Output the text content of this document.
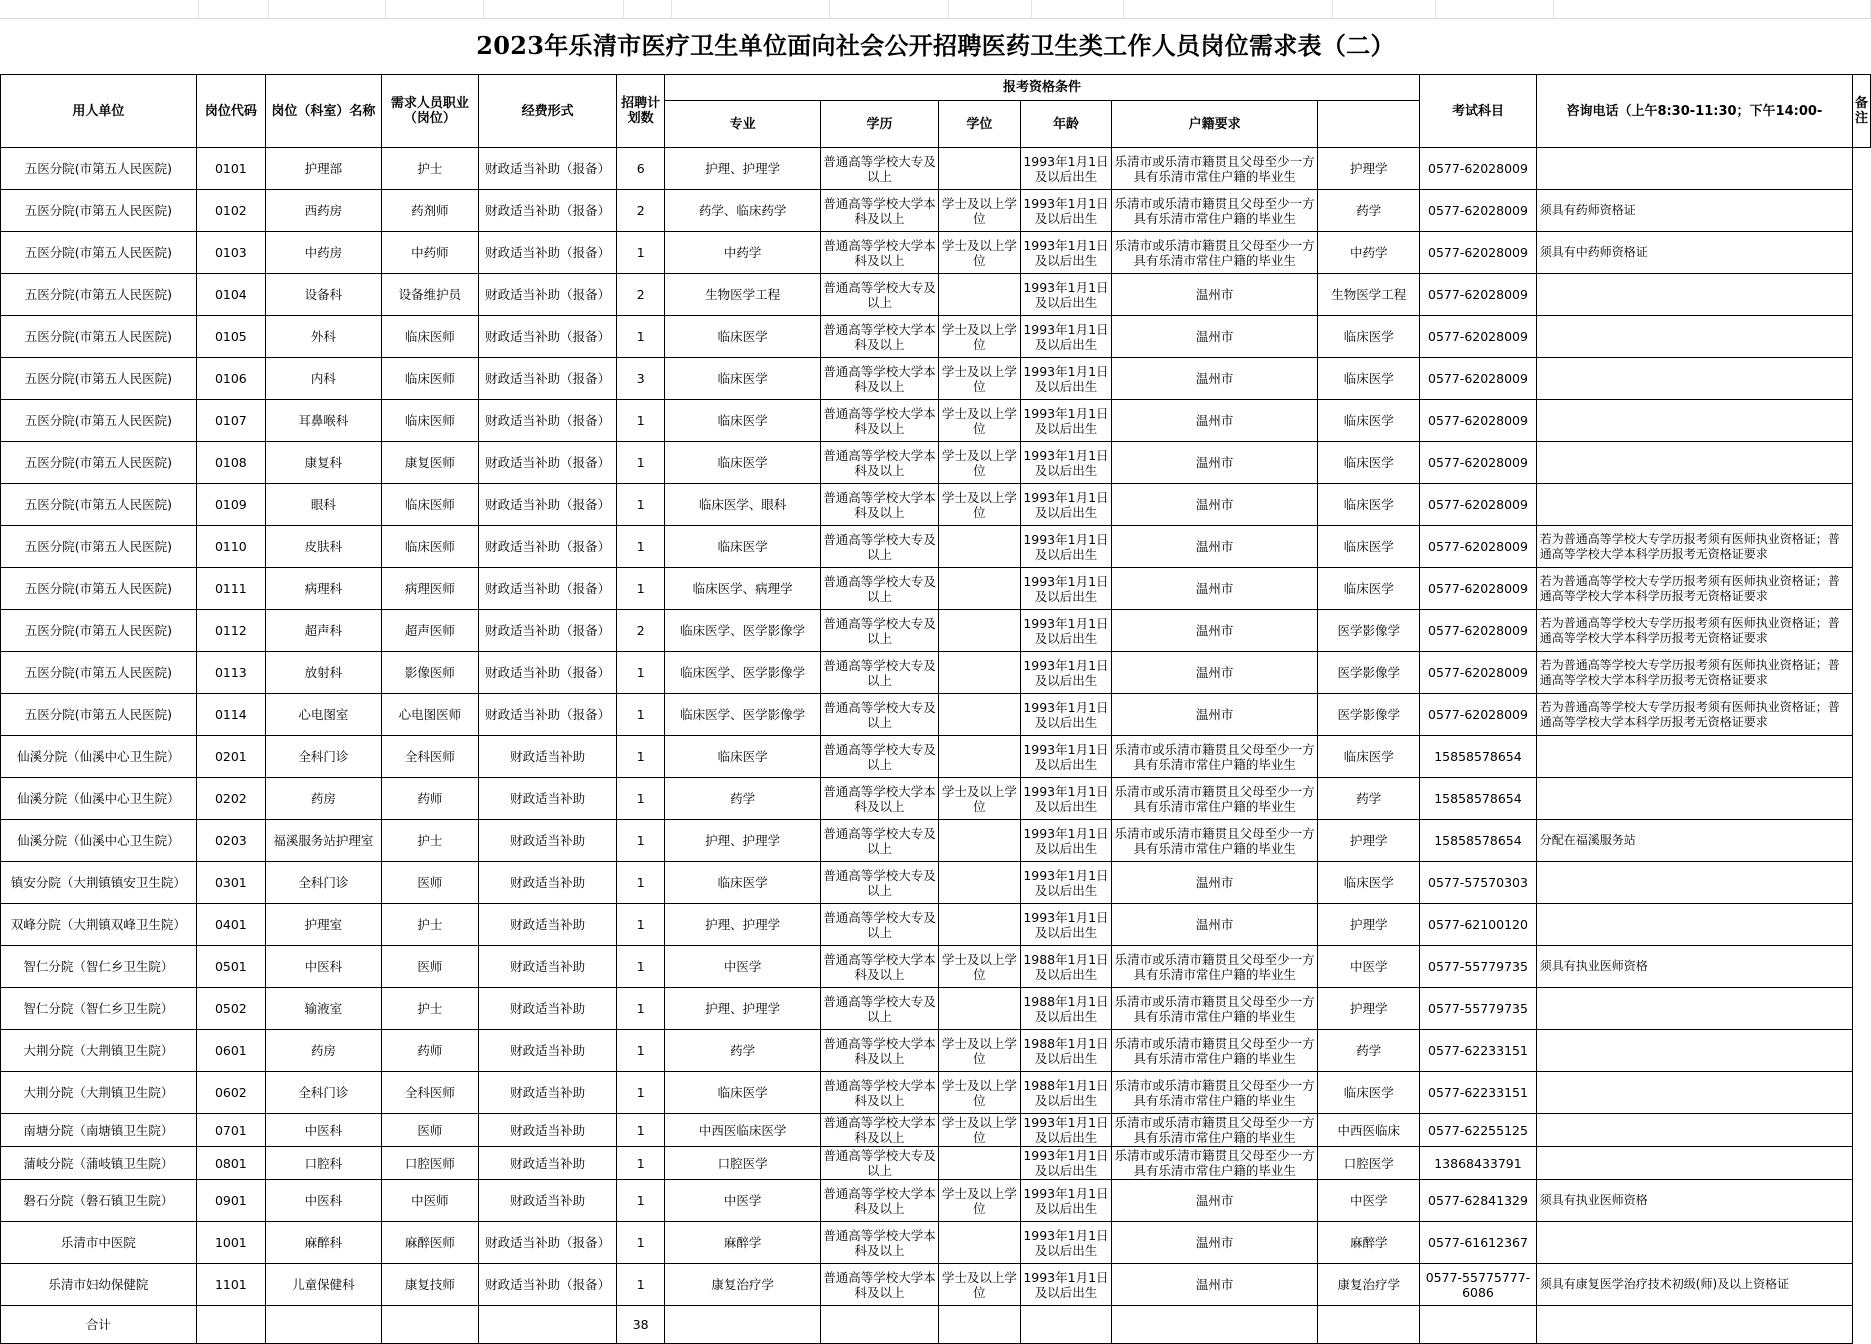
2023年乐清市医疗卫生单位面向社会公开招聘医药卫生类工作人员岗位需求表（二）
用人单位	岗位代码	岗位（科室）名称	需求人员职业（岗位）	经费形式	招聘计划数	报考资格条件						考试科目	咨询电话（上午8:30-11:30；下午14:00-	备注
						专业	学历	学位	年龄	户籍要求				
五医分院(市第五人民医院)	0101	护理部	护士	财政适当补助（报备）	6	护理、护理学	普通高等学校大专及以上		1993年1月1日及以后出生	乐清市或乐清市籍贯且父母至少一方具有乐清市常住户籍的毕业生	护理学	0577-62028009		
五医分院(市第五人民医院)	0102	西药房	药剂师	财政适当补助（报备）	2	药学、临床药学	普通高等学校大学本科及以上	学士及以上学位	1993年1月1日及以后出生	乐清市或乐清市籍贯且父母至少一方具有乐清市常住户籍的毕业生	药学	0577-62028009	须具有药师资格证	
五医分院(市第五人民医院)	0103	中药房	中药师	财政适当补助（报备）	1	中药学	普通高等学校大学本科及以上	学士及以上学位	1993年1月1日及以后出生	乐清市或乐清市籍贯且父母至少一方具有乐清市常住户籍的毕业生	中药学	0577-62028009	须具有中药师资格证	
五医分院(市第五人民医院)	0104	设备科	设备维护员	财政适当补助（报备）	2	生物医学工程	普通高等学校大专及以上		1993年1月1日及以后出生	温州市	生物医学工程	0577-62028009		
五医分院(市第五人民医院)	0105	外科	临床医师	财政适当补助（报备）	1	临床医学	普通高等学校大学本科及以上	学士及以上学位	1993年1月1日及以后出生	温州市	临床医学	0577-62028009		
五医分院(市第五人民医院)	0106	内科	临床医师	财政适当补助（报备）	3	临床医学	普通高等学校大学本科及以上	学士及以上学位	1993年1月1日及以后出生	温州市	临床医学	0577-62028009		
五医分院(市第五人民医院)	0107	耳鼻喉科	临床医师	财政适当补助（报备）	1	临床医学	普通高等学校大学本科及以上	学士及以上学位	1993年1月1日及以后出生	温州市	临床医学	0577-62028009		
五医分院(市第五人民医院)	0108	康复科	康复医师	财政适当补助（报备）	1	临床医学	普通高等学校大学本科及以上	学士及以上学位	1993年1月1日及以后出生	温州市	临床医学	0577-62028009		
五医分院(市第五人民医院)	0109	眼科	临床医师	财政适当补助（报备）	1	临床医学、眼科	普通高等学校大学本科及以上	学士及以上学位	1993年1月1日及以后出生	温州市	临床医学	0577-62028009		
五医分院(市第五人民医院)	0110	皮肤科	临床医师	财政适当补助（报备）	1	临床医学	普通高等学校大专及以上		1993年1月1日及以后出生	温州市	临床医学	0577-62028009	若为普通高等学校大专学历报考须有医师执业资格证；普通高等学校大学本科学历报考无资格证要求	
五医分院(市第五人民医院)	0111	病理科	病理医师	财政适当补助（报备）	1	临床医学、病理学	普通高等学校大专及以上		1993年1月1日及以后出生	温州市	临床医学	0577-62028009	若为普通高等学校大专学历报考须有医师执业资格证；普通高等学校大学本科学历报考无资格证要求	
五医分院(市第五人民医院)	0112	超声科	超声医师	财政适当补助（报备）	2	临床医学、医学影像学	普通高等学校大专及以上		1993年1月1日及以后出生	温州市	医学影像学	0577-62028009	若为普通高等学校大专学历报考须有医师执业资格证；普通高等学校大学本科学历报考无资格证要求	
五医分院(市第五人民医院)	0113	放射科	影像医师	财政适当补助（报备）	1	临床医学、医学影像学	普通高等学校大专及以上		1993年1月1日及以后出生	温州市	医学影像学	0577-62028009	若为普通高等学校大专学历报考须有医师执业资格证；普通高等学校大学本科学历报考无资格证要求	
五医分院(市第五人民医院)	0114	心电图室	心电图医师	财政适当补助（报备）	1	临床医学、医学影像学	普通高等学校大专及以上		1993年1月1日及以后出生	温州市	医学影像学	0577-62028009	若为普通高等学校大专学历报考须有医师执业资格证；普通高等学校大学本科学历报考无资格证要求	
仙溪分院（仙溪中心卫生院）	0201	全科门诊	全科医师	财政适当补助	1	临床医学	普通高等学校大专及以上		1993年1月1日及以后出生	乐清市或乐清市籍贯且父母至少一方具有乐清市常住户籍的毕业生	临床医学	15858578654		
仙溪分院（仙溪中心卫生院）	0202	药房	药师	财政适当补助	1	药学	普通高等学校大学本科及以上	学士及以上学位	1993年1月1日及以后出生	乐清市或乐清市籍贯且父母至少一方具有乐清市常住户籍的毕业生	药学	15858578654		
仙溪分院（仙溪中心卫生院）	0203	福溪服务站护理室	护士	财政适当补助	1	护理、护理学	普通高等学校大专及以上		1993年1月1日及以后出生	乐清市或乐清市籍贯且父母至少一方具有乐清市常住户籍的毕业生	护理学	15858578654	分配在福溪服务站	
镇安分院（大荆镇镇安卫生院）	0301	全科门诊	医师	财政适当补助	1	临床医学	普通高等学校大专及以上		1993年1月1日及以后出生	温州市	临床医学	0577-57570303		
双峰分院（大荆镇双峰卫生院）	0401	护理室	护士	财政适当补助	1	护理、护理学	普通高等学校大专及以上		1993年1月1日及以后出生	温州市	护理学	0577-62100120		
智仁分院（智仁乡卫生院）	0501	中医科	医师	财政适当补助	1	中医学	普通高等学校大学本科及以上	学士及以上学位	1988年1月1日及以后出生	乐清市或乐清市籍贯且父母至少一方具有乐清市常住户籍的毕业生	中医学	0577-55779735	须具有执业医师资格	
智仁分院（智仁乡卫生院）	0502	输液室	护士	财政适当补助	1	护理、护理学	普通高等学校大专及以上		1988年1月1日及以后出生	乐清市或乐清市籍贯且父母至少一方具有乐清市常住户籍的毕业生	护理学	0577-55779735		
大荆分院（大荆镇卫生院）	0601	药房	药师	财政适当补助	1	药学	普通高等学校大学本科及以上	学士及以上学位	1988年1月1日及以后出生	乐清市或乐清市籍贯且父母至少一方具有乐清市常住户籍的毕业生	药学	0577-62233151		
大荆分院（大荆镇卫生院）	0602	全科门诊	全科医师	财政适当补助	1	临床医学	普通高等学校大学本科及以上	学士及以上学位	1988年1月1日及以后出生	乐清市或乐清市籍贯且父母至少一方具有乐清市常住户籍的毕业生	临床医学	0577-62233151		
南塘分院（南塘镇卫生院）	0701	中医科	医师	财政适当补助	1	中西医临床医学	普通高等学校大学本科及以上	学士及以上学位	1993年1月1日及以后出生	乐清市或乐清市籍贯且父母至少一方具有乐清市常住户籍的毕业生	中西医临床	0577-62255125		
蒲岐分院（蒲岐镇卫生院）	0801	口腔科	口腔医师	财政适当补助	1	口腔医学	普通高等学校大专及以上		1993年1月1日及以后出生	乐清市或乐清市籍贯且父母至少一方具有乐清市常住户籍的毕业生	口腔医学	13868433791		
磐石分院（磐石镇卫生院）	0901	中医科	中医师	财政适当补助	1	中医学	普通高等学校大学本科及以上	学士及以上学位	1993年1月1日及以后出生	温州市	中医学	0577-62841329	须具有执业医师资格	
乐清市中医院	1001	麻醉科	麻醉医师	财政适当补助（报备）	1	麻醉学	普通高等学校大学本科及以上		1993年1月1日及以后出生	温州市	麻醉学	0577-61612367		
乐清市妇幼保健院	1101	儿童保健科	康复技师	财政适当补助（报备）	1	康复治疗学	普通高等学校大学本科及以上	学士及以上学位	1993年1月1日及以后出生	温州市	康复治疗学	0577-55775777-6086	须具有康复医学治疗技术初级(师)及以上资格证	
合计					38									
